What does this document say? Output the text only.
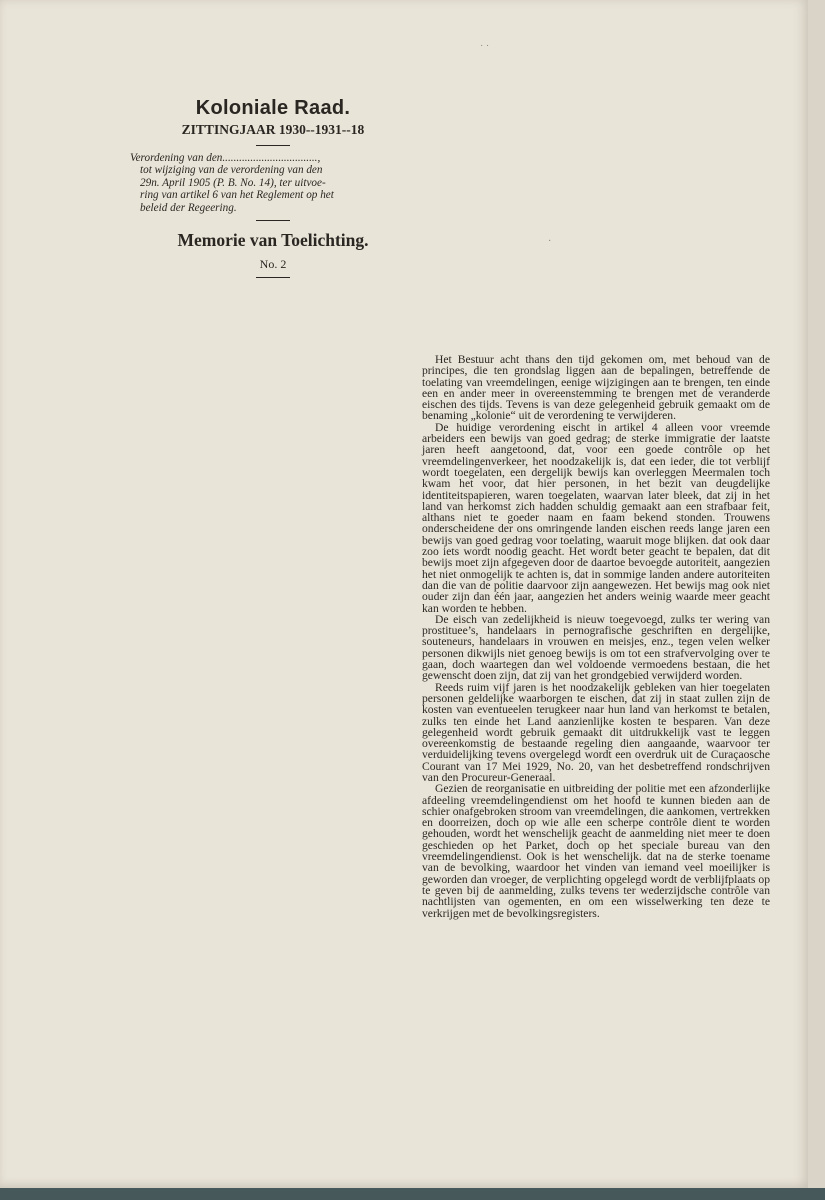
Koloniale Raad.

ZITTINGJAAR 1930--1931--18

Verordening van den..................................,
tot wijziging van de verordening van den
29n. April 1905 (P. B. No. 14), ter uitvoe-
ring van artikel 6 van het Reglement op het
beleid der Regeering.

Memorie van Toelichting.

No. 2

Het Bestuur acht thans den tijd gekomen om, met behoud van de principes, die ten grondslag liggen aan de bepalingen, betreffende de toelating van vreemdelingen, eenige wijzigingen aan te brengen, ten einde een en ander meer in overeenstemming te brengen met de veranderde eischen des tijds. Tevens is van deze gelegenheid gebruik gemaakt om de benaming „kolonie“ uit de verordening te verwijderen.

De huidige verordening eischt in artikel 4 alleen voor vreemde arbeiders een bewijs van goed gedrag; de sterke immigratie der laatste jaren heeft aangetoond, dat, voor een goede contrôle op het vreemdelingenverkeer, het noodzakelijk is, dat een ieder, die tot verblijf wordt toegelaten, een dergelijk bewijs kan overleggen Meermalen toch kwam het voor, dat hier personen, in het bezit van deugdelijke identiteitspapieren, waren toegelaten, waarvan later bleek, dat zij in het land van herkomst zich hadden schuldig gemaakt aan een strafbaar feit, althans niet te goeder naam en faam bekend stonden. Trouwens onderscheidene der ons omringende landen eischen reeds lange jaren een bewijs van goed gedrag voor toelating, waaruit moge blijken. dat ook daar zoo iets wordt noodig geacht. Het wordt beter geacht te bepalen, dat dit bewijs moet zijn afgegeven door de daartoe bevoegde autoriteit, aangezien het niet onmogelijk te achten is, dat in sommige landen andere autoriteiten dan die van de politie daarvoor zijn aangewezen. Het bewijs mag ook niet ouder zijn dan één jaar, aangezien het anders weinig waarde meer geacht kan worden te hebben.

De eisch van zedelijkheid is nieuw toegevoegd, zulks ter wering van prostituee’s, handelaars in pernografische geschriften en dergelijke, souteneurs, handelaars in vrouwen en meisjes, enz., tegen velen welker personen dikwijls niet genoeg bewijs is om tot een strafvervolging over te gaan, doch waartegen dan wel voldoende vermoedens bestaan, die het gewenscht doen zijn, dat zij van het grondgebied verwijderd worden.

Reeds ruim vijf jaren is het noodzakelijk gebleken van hier toegelaten personen geldelijke waarborgen te eischen, dat zij in staat zullen zijn de kosten van eventueelen terugkeer naar hun land van herkomst te betalen, zulks ten einde het Land aanzienlijke kosten te besparen. Van deze gelegenheid wordt gebruik gemaakt dit uitdrukkelijk vast te leggen overeenkomstig de bestaande regeling dien aangaande, waarvoor ter verduidelijking tevens overgelegd wordt een overdruk uit de Curaçaosche Courant van 17 Mei 1929, No. 20, van het desbetreffend rondschrijven van den Procureur-Generaal.

Gezien de reorganisatie en uitbreiding der politie met een afzonderlijke afdeeling vreemdelingendienst om het hoofd te kunnen bieden aan de schier onafgebroken stroom van vreemdelingen, die aankomen, vertrekken en doorreizen, doch op wie alle een scherpe contrôle dient te worden gehouden, wordt het wenschelijk geacht de aanmelding niet meer te doen geschieden op het Parket, doch op het speciale bureau van den vreemdelingendienst. Ook is het wenschelijk. dat na de sterke toename van de bevolking, waardoor het vinden van iemand veel moeilijker is geworden dan vroeger, de verplichting opgelegd wordt de verblijfplaats op te geven bij de aanmelding, zulks tevens ter wederzijdsche contrôle van nachtlijsten van ogementen, en om een wisselwerking ten deze te verkrijgen met de bevolkingsregisters.

˙ ˙
·
